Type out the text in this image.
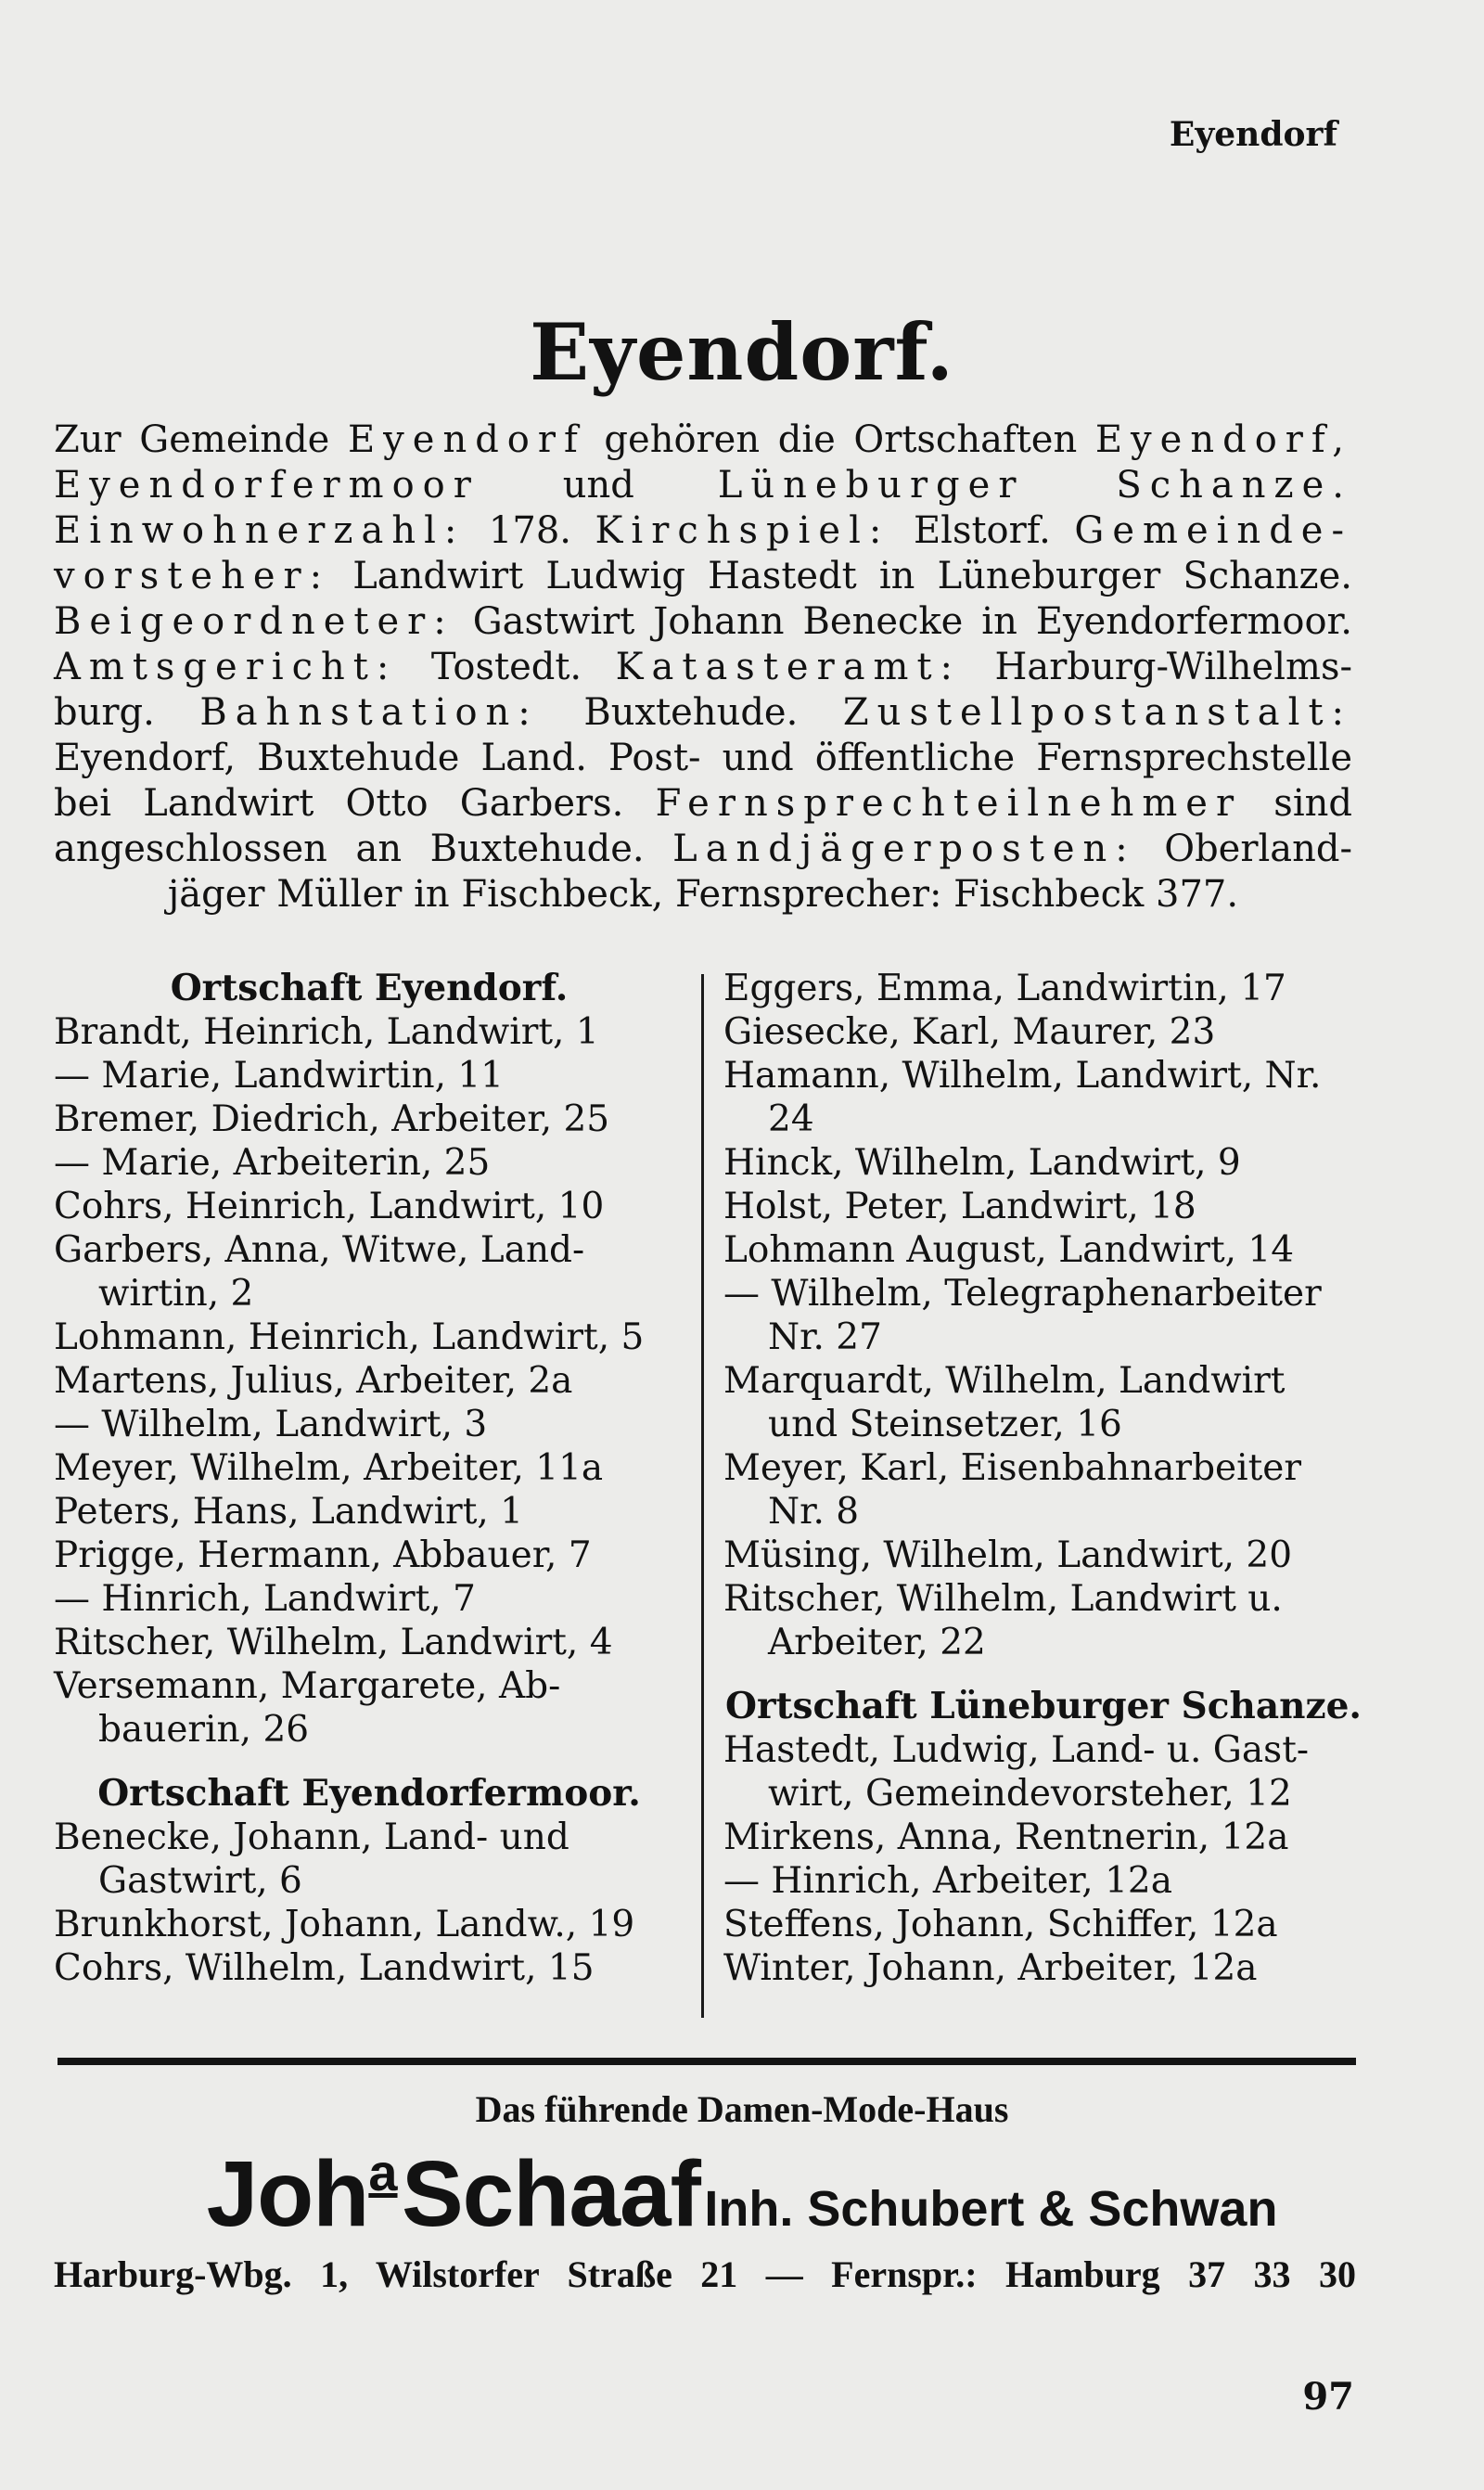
Eyendorf
Eyendorf.

Zur Gemeinde Eyendorf gehören die Ortschaften Eyendorf,

Eyendorfermoor und Lüneburger Schanze.

Einwohnerzahl: 178. Kirchspiel: Elstorf. Gemeinde-

vorsteher: Landwirt Ludwig Hastedt in Lüneburger Schanze.

Beigeordneter: Gastwirt Johann Benecke in Eyendorfermoor.

Amtsgericht: Tostedt. Katasteramt: Harburg-Wilhelms-

burg. Bahnstation: Buxtehude. Zustellpostanstalt:

Eyendorf, Buxtehude Land. Post- und öffentliche Fernsprechstelle

bei Landwirt Otto Garbers. Fernsprechteilnehmer sind

angeschlossen an Buxtehude. Landjägerposten: Oberland-

jäger Müller in Fischbeck, Fernsprecher: Fischbeck 377.

Ortschaft Eyendorf.

Brandt, Heinrich, Landwirt, 1

— Marie, Landwirtin, 11

Bremer, Diedrich, Arbeiter, 25

— Marie, Arbeiterin, 25

Cohrs, Heinrich, Landwirt, 10

Garbers, Anna, Witwe, Land- wirtin, 2

Lohmann, Heinrich, Landwirt, 5

Martens, Julius, Arbeiter, 2a

— Wilhelm, Landwirt, 3

Meyer, Wilhelm, Arbeiter, 11a

Peters, Hans, Landwirt, 1

Prigge, Hermann, Abbauer, 7

— Hinrich, Landwirt, 7

Ritscher, Wilhelm, Landwirt, 4

Versemann, Margarete, Ab- bauerin, 26

Ortschaft Eyendorfermoor.

Benecke, Johann, Land- und Gastwirt, 6

Brunkhorst, Johann, Landw., 19

Cohrs, Wilhelm, Landwirt, 15

Eggers, Emma, Landwirtin, 17

Giesecke, Karl, Maurer, 23

Hamann, Wilhelm, Landwirt, Nr. 24

Hinck, Wilhelm, Landwirt, 9

Holst, Peter, Landwirt, 18

Lohmann August, Landwirt, 14

— Wilhelm, Telegraphenarbeiter Nr. 27

Marquardt, Wilhelm, Landwirt und Steinsetzer, 16

Meyer, Karl, Eisenbahnarbeiter Nr. 8

Müsing, Wilhelm, Landwirt, 20

Ritscher, Wilhelm, Landwirt u. Arbeiter, 22

Ortschaft Lüneburger Schanze.

Hastedt, Ludwig, Land- u. Gast- wirt, Gemeindevorsteher, 12

Mirkens, Anna, Rentnerin, 12a

— Hinrich, Arbeiter, 12a

Steffens, Johann, Schiffer, 12a

Winter, Johann, Arbeiter, 12a

Das führende Damen-Mode-Haus
Joha Schaaf Inh. Schubert & Schwan
Harburg-Wbg. 1, Wilstorfer Straße 21 — Fernspr.: Hamburg 37 33 30
97
